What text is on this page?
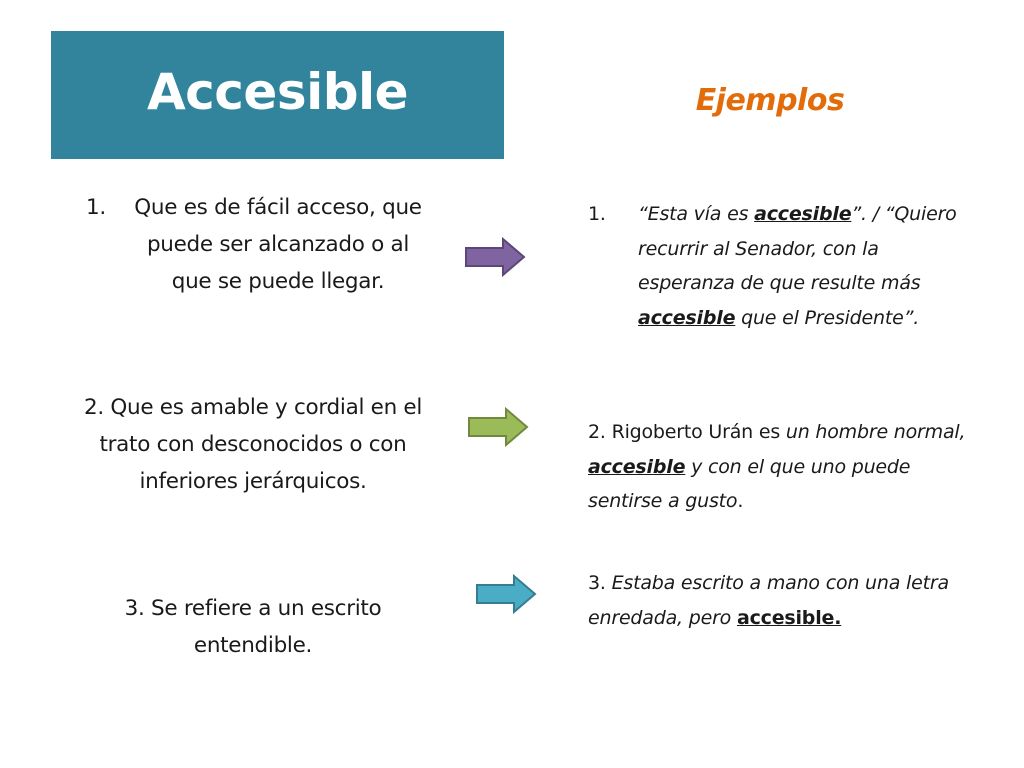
Accesible	Ejemplos
1. Que es de fácil acceso, que puede ser alcanzado o al que se puede llegar.
2. Que es amable y cordial en el trato con desconocidos o con inferiores jerárquicos.
3. Se refiere a un escrito entendible.
1. “Esta vía es accesible”. / “Quiero recurrir al Senador, con la esperanza de que resulte más accesible que el Presidente”.
2. Rigoberto Urán es un hombre normal, accesible y con el que uno puede sentirse a gusto.
3. Estaba escrito a mano con una letra enredada, pero accesible.
